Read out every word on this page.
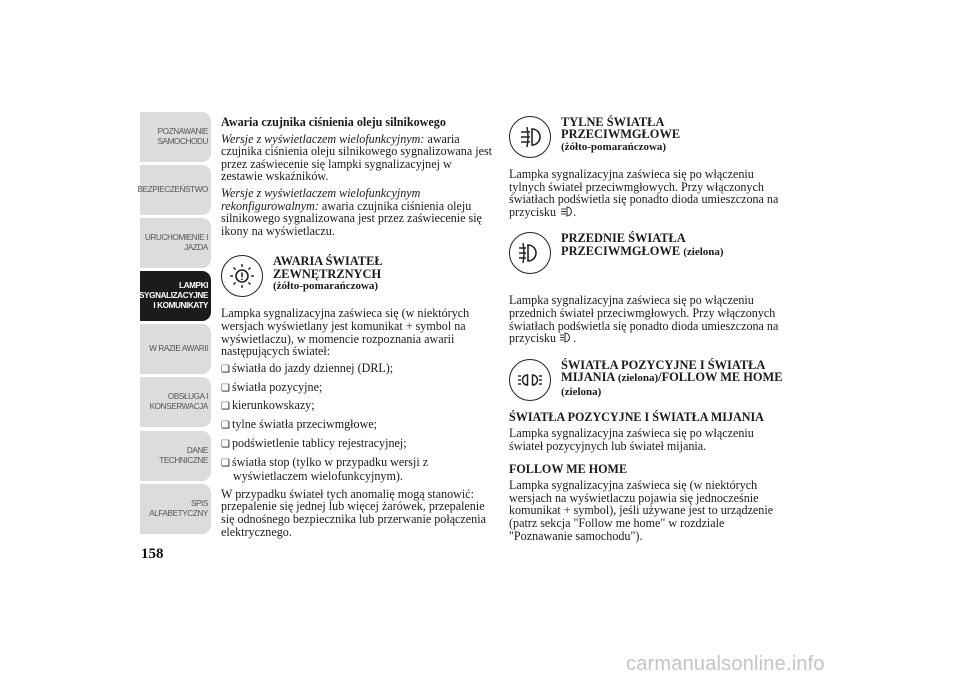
POZNAWANIE
SAMOCHODU
BEZPIECZEŃSTWO
URUCHOMIENIE I
JAZDA
LAMPKI
SYGNALIZACYJNE
I KOMUNIKATY
W RAZIE AWARII
OBSŁUGA I
KONSERWACJA
DANE
TECHNICZNE
SPIS
ALFABETYCZNY
158

Awaria czujnika ciśnienia oleju silnikowego

Wersje z wyświetlaczem wielofunkcyjnym: awaria czujnika ciśnienia oleju silnikowego sygnalizowana jest przez zaświecenie się lampki sygnalizacyjnej w zestawie wskaźników.

Wersje z wyświetlaczem wielofunkcyjnym rekonfigurowalnym: awaria czujnika ciśnienia oleju silnikowego sygnalizowana jest przez zaświecenie się ikony na wyświetlaczu.

AWARIA ŚWIATEŁ ZEWNĘTRZNYCH
(żółto-pomarańczowa)

Lampka sygnalizacyjna zaświeca się (w niektórych wersjach wyświetlany jest komunikat + symbol na wyświetlaczu), w momencie rozpoznania awarii następujących świateł:

❑ światła do jazdy dziennej (DRL);
❑ światła pozycyjne;
❑ kierunkowskazy;
❑ tylne światła przeciwmgłowe;
❑ podświetlenie tablicy rejestracyjnej;
❑ światła stop (tylko w przypadku wersji z wyświetlaczem wielofunkcyjnym).

W przypadku świateł tych anomalię mogą stanowić: przepalenie się jednej lub więcej żarówek, przepalenie się odnośnego bezpiecznika lub przerwanie połączenia elektrycznego.

TYLNE ŚWIATŁA PRZECIWMGŁOWE
(żółto-pomarańczowa)

Lampka sygnalizacyjna zaświeca się po włączeniu tylnych świateł przeciwmgłowych. Przy włączonych światłach podświetla się ponadto dioda umieszczona na przycisku .

PRZEDNIE ŚWIATŁA PRZECIWMGŁOWE (zielona)

Lampka sygnalizacyjna zaświeca się po włączeniu przednich świateł przeciwmgłowych. Przy włączonych światłach podświetla się ponadto dioda umieszczona na przycisku .

ŚWIATŁA POZYCYJNE I ŚWIATŁA MIJANIA (zielona)/FOLLOW ME HOME (zielona)

ŚWIATŁA POZYCYJNE I ŚWIATŁA MIJANIA

Lampka sygnalizacyjna zaświeca się po włączeniu świateł pozycyjnych lub świateł mijania.

FOLLOW ME HOME

Lampka sygnalizacyjna zaświeca się (w niektórych wersjach na wyświetlaczu pojawia się jednocześnie komunikat + symbol), jeśli używane jest to urządzenie (patrz sekcja "Follow me home" w rozdziale "Poznawanie samochodu").

carmanualsonline.info
